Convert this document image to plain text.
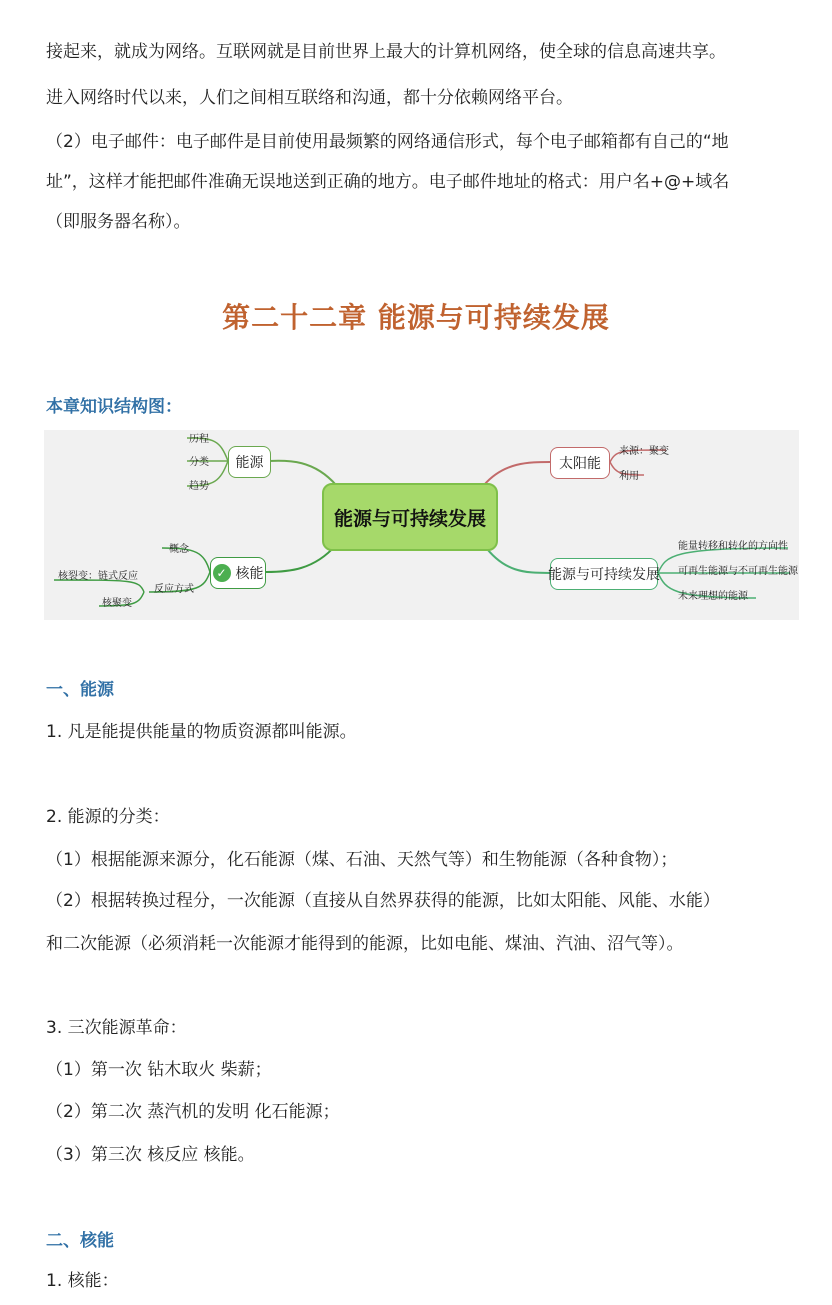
接起来，就成为网络。互联网就是目前世界上最大的计算机网络，使全球的信息高速共享。
进入网络时代以来，人们之间相互联络和沟通，都十分依赖网络平台。
（2）电子邮件：电子邮件是目前使用最频繁的网络通信形式，每个电子邮箱都有自己的“地
址”，这样才能把邮件准确无误地送到正确的地方。电子邮件地址的格式：用户名+@+域名
（即服务器名称）。
第二十二章 能源与可持续发展
本章知识结构图：
能源与可持续发展
能源
历程
分类
趋势
✓ 核能
概念
反应方式
核裂变：链式反应
核聚变
太阳能
来源：聚变
利用
能源与可持续发展
能量转移和转化的方向性
可再生能源与不可再生能源
未来理想的能源
一、能源
1. 凡是能提供能量的物质资源都叫能源。
2. 能源的分类：
（1）根据能源来源分，化石能源（煤、石油、天然气等）和生物能源（各种食物）；
（2）根据转换过程分，一次能源（直接从自然界获得的能源，比如太阳能、风能、水能）
和二次能源（必须消耗一次能源才能得到的能源，比如电能、煤油、汽油、沼气等）。
3. 三次能源革命：
（1）第一次 钻木取火 柴薪；
（2）第二次 蒸汽机的发明 化石能源；
（3）第三次 核反应 核能。
二、核能
1. 核能：
